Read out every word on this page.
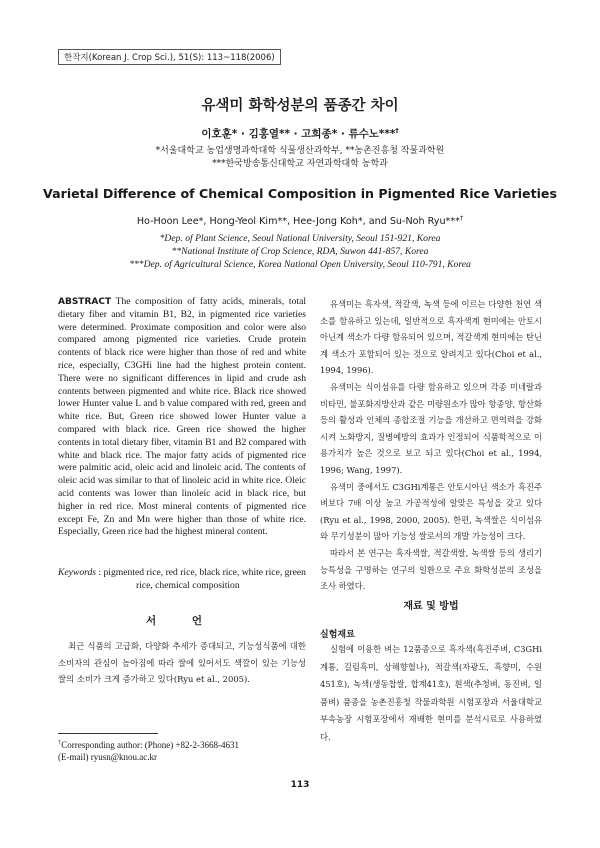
한작지(Korean J. Crop Sci.), 51(S): 113~118(2006)
유색미 화학성분의 품종간 차이
이호훈* · 김홍열** · 고희종* · 류수노***†
*서울대학교 농업생명과학대학 식물생산과학부, **농촌진흥청 작물과학원
***한국방송통신대학교 자연과학대학 농학과
Varietal Difference of Chemical Composition in Pigmented Rice Varieties
Ho-Hoon Lee*, Hong-Yeol Kim**, Hee-Jong Koh*, and Su-Noh Ryu***†
*Dep. of Plant Science, Seoul National University, Seoul 151-921, Korea
**National Institute of Crop Science, RDA, Suwon 441-857, Korea
***Dep. of Agricultural Science, Korea National Open University, Seoul 110-791, Korea
ABSTRACT The composition of fatty acids, minerals, total dietary fiber and vitamin B1, B2, in pigmented rice varieties were determined. Proximate composition and color were also compared among pigmented rice varieties. Crude protein contents of black rice were higher than those of red and white rice, especially, C3GHi line had the highest protein content. There were no significant differences in lipid and crude ash contents between pigmented and white rice. Black rice showed lower Hunter value L and b value compared with red, green and white rice. But, Green rice showed lower Hunter value a compared with black rice. Green rice showed the higher contents in total dietary fiber, vitamin B1 and B2 compared with white and black rice. The major fatty acids of pigmented rice were palmitic acid, oleic acid and linoleic acid. The contents of oleic acid was similar to that of linoleic acid in white rice. Oleic acid contents was lower than linoleic acid in black rice, but higher in red rice. Most mineral contents of pigmented rice except Fe, Zn and Mn were higher than those of white rice. Especially, Green rice had the highest mineral content.
Keywords : pigmented rice, red rice, black rice, white rice, green rice, chemical composition
서 언
최근 식품의 고급화, 다양화 추세가 증대되고, 기능성식품에 대한 소비자의 관심이 높아짐에 따라 쌀에 있어서도 색깔이 있는 기능성 쌀의 소비가 크게 증가하고 있다(Ryu et al., 2005).
†Corresponding author: (Phone) +82-2-3668-4631
(E-mail) ryusn@knou.ac.kr

유색미는 흑자색, 적갈색, 녹색 등에 이르는 다양한 천연 색소를 함유하고 있는데, 일반적으로 흑자색계 현미에는 안토시아닌계 색소가 다량 함유되어 있으며, 적갈색계 현미에는 탄닌계 색소가 포함되어 있는 것으로 알려지고 있다(Choi et al., 1994, 1996).

유색미는 식이섬유를 다량 함유하고 있으며 각종 미네랄과 비타민, 불포화지방산과 같은 미량원소가 많아 항종양, 항산화 등의 활성과 인체의 종합조절 기능을 개선하고 면역력을 강화시켜 노화방지, 질병예방의 효과가 인정되어 식품학적으로 이용가치가 높은 것으로 보고 되고 있다(Choi et al., 1994, 1996; Wang, 1997).

유색미 중에서도 C3GHi계통은 안토시아닌 색소가 흑진주벼보다 7배 이상 높고 가공적성에 알맞은 특성을 갖고 있다(Ryu et al., 1998, 2000, 2005). 한편, 녹색쌀은 식이섬유와 무기성분이 많아 기능성 쌀로서의 개발 가능성이 크다.

따라서 본 연구는 흑자색쌀, 적갈색쌀, 녹색쌀 등의 생리기능특성을 구명하는 연구의 일환으로 주요 화학성분의 조성을 조사 하였다.

재료 및 방법
실험재료
실험에 이용한 벼는 12품종으로 흑자색(흑진주벼, C3GHi계통, 길림흑미, 상해향혈나), 적갈색(자광도, 흑향미, 수원451호), 녹색(생동찹쌀, 합계41호), 흰색(추청벼, 동진벼, 일품벼) 품종을 농촌진흥청 작물과학원 시험포장과 서울대학교 부속농장 시험포장에서 재배한 현미를 분석시료로 사용하였다.
113
